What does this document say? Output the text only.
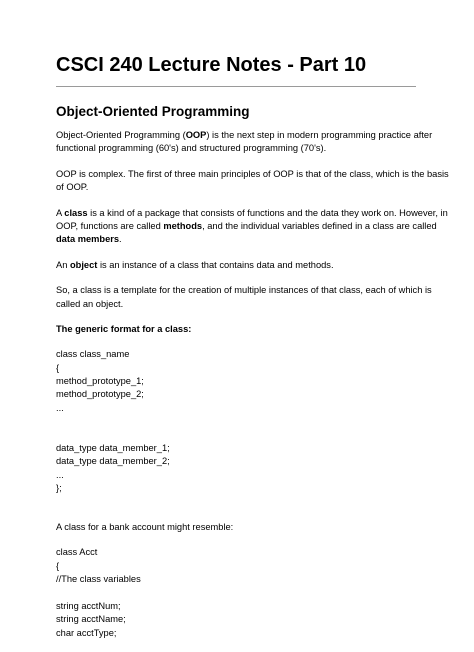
CSCI 240 Lecture Notes - Part 10
Object-Oriented Programming

Object-Oriented Programming (OOP) is the next step in modern programming practice after
functional programming (60's) and structured programming (70's).

OOP is complex. The first of three main principles of OOP is that of the class, which is the basis
of OOP.

A class is a kind of a package that consists of functions and the data they work on. However, in
OOP, functions are called methods, and the individual variables defined in a class are called
data members.

An object is an instance of a class that contains data and methods.

So, a class is a template for the creation of multiple instances of that class, each of which is
called an object.

The generic format for a class:

class class_name
{
method_prototype_1;
method_prototype_2;
...
data_type data_member_1;
data_type data_member_2;
...
};

A class for a bank account might resemble:

class Acct
{
//The class variables
string acctNum;
string acctName;
char acctType;
